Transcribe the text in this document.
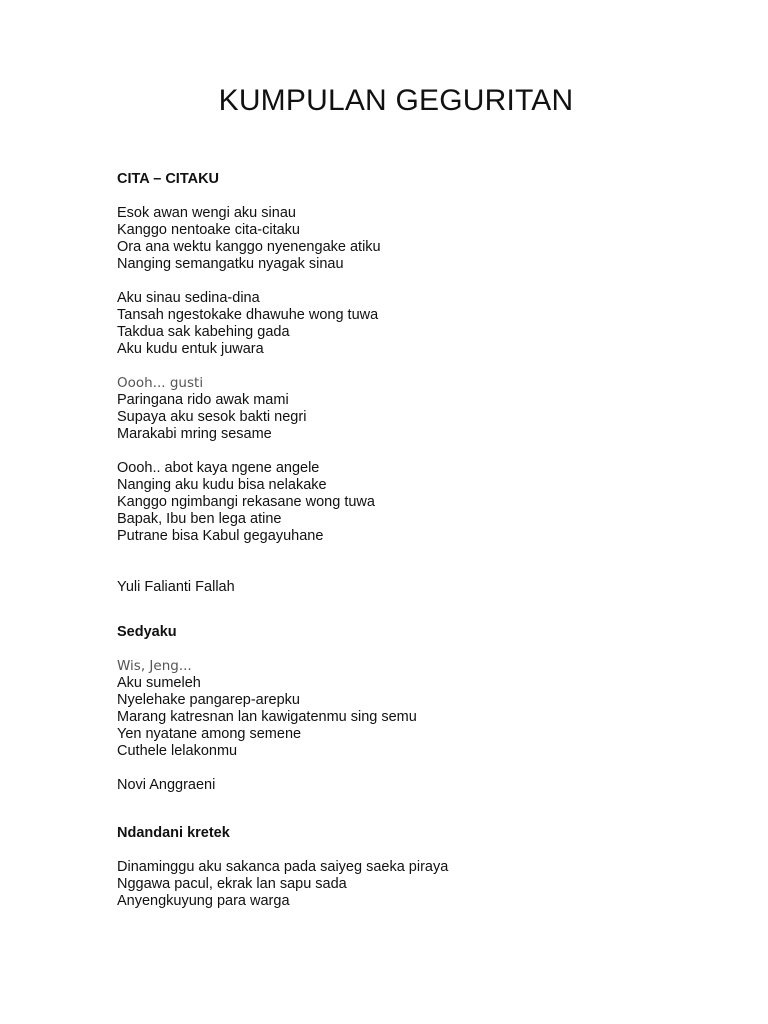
KUMPULAN GEGURITAN

CITA – CITAKU

Esok awan wengi aku sinau
Kanggo nentoake cita-citaku
Ora ana wektu kanggo nyenengake atiku
Nanging semangatku nyagak sinau
Aku sinau sedina-dina
Tansah ngestokake dhawuhe wong tuwa
Takdua sak kabehing gada
Aku kudu entuk juwara
Oooh... gusti
Paringana rido awak mami
Supaya aku sesok bakti negri
Marakabi mring sesame
Oooh.. abot kaya ngene angele
Nanging aku kudu bisa nelakake
Kanggo ngimbangi rekasane wong tuwa
Bapak, Ibu ben lega atine
Putrane bisa Kabul gegayuhane

Yuli Falianti Fallah

Sedyaku

Wis, Jeng...
Aku sumeleh
Nyelehake pangarep-arepku
Marang katresnan lan kawigatenmu sing semu
Yen nyatane among semene
Cuthele lelakonmu

Novi Anggraeni

Ndandani kretek

Dinaminggu aku sakanca pada saiyeg saeka piraya
Nggawa pacul, ekrak lan sapu sada
Anyengkuyung para warga
